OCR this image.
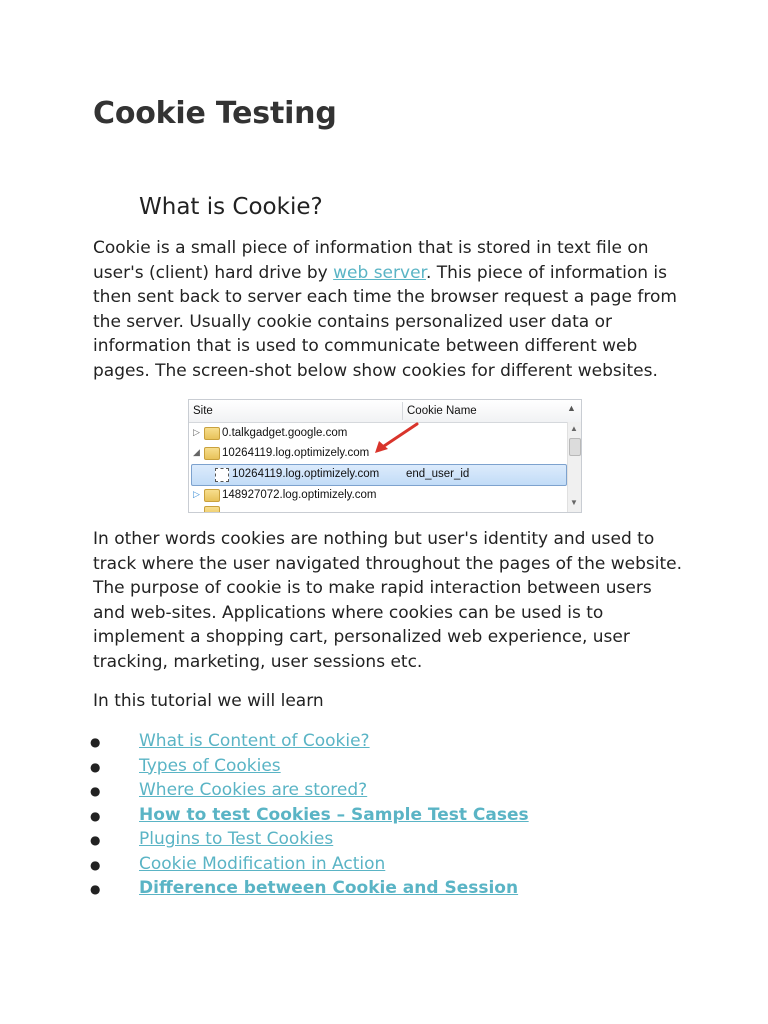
Cookie Testing
What is Cookie?
Cookie is a small piece of information that is stored in text file on
user's (client) hard drive by web server. This piece of information is
then sent back to server each time the browser request a page from
the server. Usually cookie contains personalized user data or
information that is used to communicate between different web
pages. The screen-shot below show cookies for different websites.
Site	Cookie Name	▲
▷ 0.talkgadget.google.com
◢ 10264119.log.optimizely.com
10264119.log.optimizely.com end_user_id
▷ 148927072.log.optimizely.com
▲
▼
In other words cookies are nothing but user's identity and used to
track where the user navigated throughout the pages of the website.
The purpose of cookie is to make rapid interaction between users
and web-sites. Applications where cookies can be used is to
implement a shopping cart, personalized web experience, user
tracking, marketing, user sessions etc.
In this tutorial we will learn
● What is Content of Cookie?
● Types of Cookies
● Where Cookies are stored?
● How to test Cookies – Sample Test Cases
● Plugins to Test Cookies
● Cookie Modification in Action
● Difference between Cookie and Session
